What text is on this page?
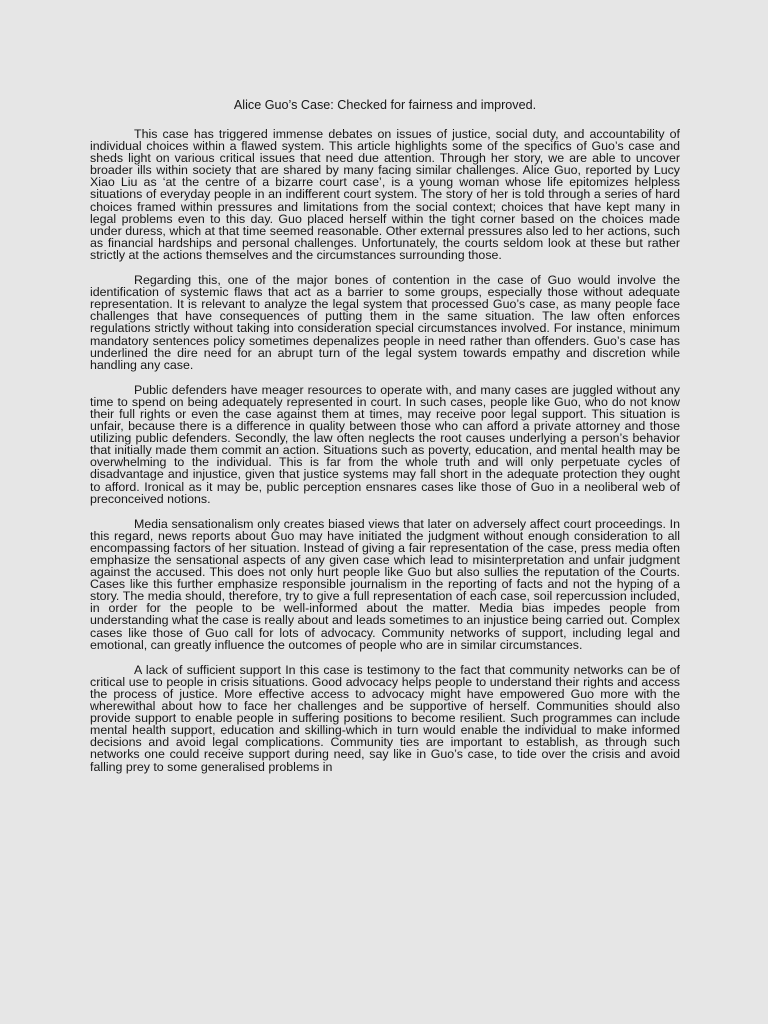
Alice Guo’s Case: Checked for fairness and improved.

This case has triggered immense debates on issues of justice, social duty, and accountability of individual choices within a flawed system. This article highlights some of the specifics of Guo’s case and sheds light on various critical issues that need due attention. Through her story, we are able to uncover broader ills within society that are shared by many facing similar challenges. Alice Guo, reported by Lucy Xiao Liu as ‘at the centre of a bizarre court case’, is a young woman whose life epitomizes helpless situations of everyday people in an indifferent court system. The story of her is told through a series of hard choices framed within pressures and limitations from the social context; choices that have kept many in legal problems even to this day. Guo placed herself within the tight corner based on the choices made under duress, which at that time seemed reasonable. Other external pressures also led to her actions, such as financial hardships and personal challenges. Unfortunately, the courts seldom look at these but rather strictly at the actions themselves and the circumstances surrounding those.

Regarding this, one of the major bones of contention in the case of Guo would involve the identification of systemic flaws that act as a barrier to some groups, especially those without adequate representation. It is relevant to analyze the legal system that processed Guo’s case, as many people face challenges that have consequences of putting them in the same situation. The law often enforces regulations strictly without taking into consideration special circumstances involved. For instance, minimum mandatory sentences policy sometimes depenalizes people in need rather than offenders. Guo’s case has underlined the dire need for an abrupt turn of the legal system towards empathy and discretion while handling any case.

Public defenders have meager resources to operate with, and many cases are juggled without any time to spend on being adequately represented in court. In such cases, people like Guo, who do not know their full rights or even the case against them at times, may receive poor legal support. This situation is unfair, because there is a difference in quality between those who can afford a private attorney and those utilizing public defenders. Secondly, the law often neglects the root causes underlying a person’s behavior that initially made them commit an action. Situations such as poverty, education, and mental health may be overwhelming to the individual. This is far from the whole truth and will only perpetuate cycles of disadvantage and injustice, given that justice systems may fall short in the adequate protection they ought to afford. Ironical as it may be, public perception ensnares cases like those of Guo in a neoliberal web of preconceived notions.

Media sensationalism only creates biased views that later on adversely affect court proceedings. In this regard, news reports about Guo may have initiated the judgment without enough consideration to all encompassing factors of her situation. Instead of giving a fair representation of the case, press media often emphasize the sensational aspects of any given case which lead to misinterpretation and unfair judgment against the accused. This does not only hurt people like Guo but also sullies the reputation of the Courts. Cases like this further emphasize responsible journalism in the reporting of facts and not the hyping of a story. The media should, therefore, try to give a full representation of each case, soil repercussion included, in order for the people to be well-informed about the matter. Media bias impedes people from understanding what the case is really about and leads sometimes to an injustice being carried out. Complex cases like those of Guo call for lots of advocacy. Community networks of support, including legal and emotional, can greatly influence the outcomes of people who are in similar circumstances.

A lack of sufficient support In this case is testimony to the fact that community networks can be of critical use to people in crisis situations. Good advocacy helps people to understand their rights and access the process of justice. More effective access to advocacy might have empowered Guo more with the wherewithal about how to face her challenges and be supportive of herself. Communities should also provide support to enable people in suffering positions to become resilient. Such programmes can include mental health support, education and skilling-which in turn would enable the individual to make informed decisions and avoid legal complications. Community ties are important to establish, as through such networks one could receive support during need, say like in Guo’s case, to tide over the crisis and avoid falling prey to some generalised problems in
